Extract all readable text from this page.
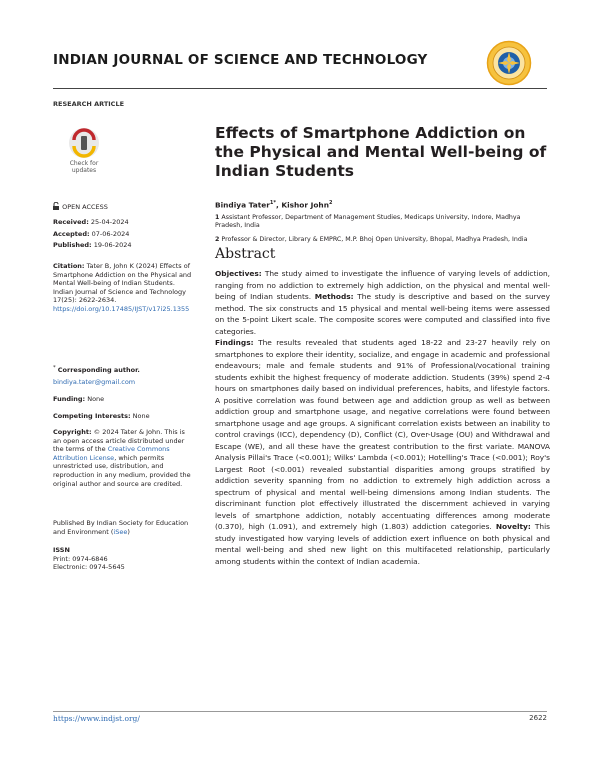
INDIAN JOURNAL OF SCIENCE AND TECHNOLOGY
RESEARCH ARTICLE
Check for
updates
Effects of Smartphone Addiction on the Physical and Mental Well-being of Indian Students
OPEN ACCESS
Received: 25-04-2024
Accepted: 07-06-2024
Published: 19-06-2024
Citation: Tater B, John K (2024) Effects of Smartphone Addiction on the Physical and Mental Well-being of Indian Students. Indian Journal of Science and Technology 17(25): 2622-2634. https://doi.org/10.17485/IJST/v17i25.1355
* Corresponding author.
bindiya.tater@gmail.com
Funding: None
Competing Interests: None
Copyright: © 2024 Tater & John. This is an open access article distributed under the terms of the Creative Commons Attribution License, which permits unrestricted use, distribution, and reproduction in any medium, provided the original author and source are credited.
Published By Indian Society for Education and Environment (iSee)
ISSN
Print: 0974-6846
Electronic: 0974-5645
Bindiya Tater$^{1*}$, Kishor John$^2$
1 Assistant Professor, Department of Management Studies, Medicaps University, Indore, Madhya Pradesh, India
2 Professor & Director, Library & EMPRC, M.P. Bhoj Open University, Bhopal, Madhya Pradesh, India
Abstract
Objectives: The study aimed to investigate the influence of varying levels of addiction, ranging from no addiction to extremely high addiction, on the physical and mental well-being of Indian students. Methods: The study is descriptive and based on the survey method. The six constructs and 15 physical and mental well-being items were assessed on the 5-point Likert scale. The composite scores were computed and classified into five categories.
Findings: The results revealed that students aged 18-22 and 23-27 heavily rely on smartphones to explore their identity, socialize, and engage in academic and professional endeavours; male and female students and 91% of Professional/vocational training students exhibit the highest frequency of moderate addiction. Students (39%) spend 2-4 hours on smartphones daily based on individual preferences, habits, and lifestyle factors. A positive correlation was found between age and addiction group as well as between addiction group and smartphone usage, and negative correlations were found between smartphone usage and age groups. A significant correlation exists between an inability to control cravings (ICC), dependency (D), Conflict (C), Over-Usage (OU) and Withdrawal and Escape (WE), and all these have the greatest contribution to the first variate. MANOVA Analysis Pillai's Trace (<0.001); Wilks' Lambda (<0.001); Hotelling's Trace (<0.001); Roy's Largest Root (<0.001) revealed substantial disparities among groups stratified by addiction severity spanning from no addiction to extremely high addiction across a spectrum of physical and mental well-being dimensions among Indian students. The discriminant function plot effectively illustrated the discernment achieved in varying levels of smartphone addiction, notably accentuating differences among moderate (0.370), high (1.091), and extremely high (1.803) addiction categories. Novelty: This study investigated how varying levels of addiction exert influence on both physical and mental well-being and shed new light on this multifaceted relationship, particularly among students within the context of Indian academia.
https://www.indjst.org/	2622
